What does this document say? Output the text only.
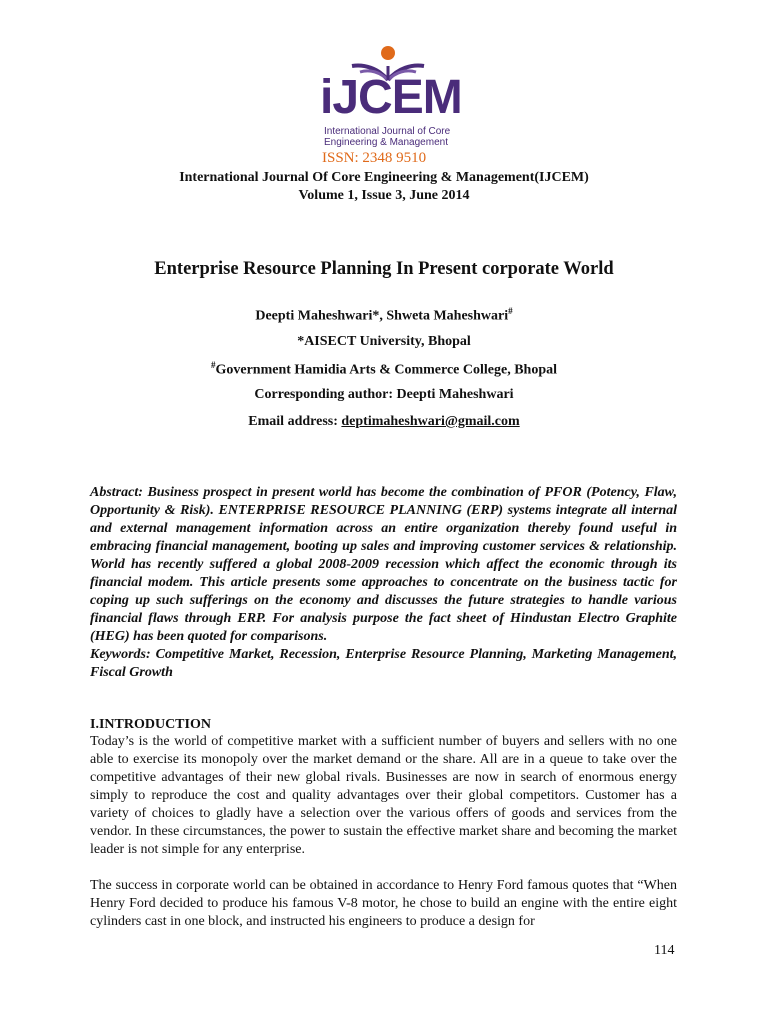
iJCEM
International Journal of Core Engineering & Management
ISSN: 2348 9510
International Journal Of Core Engineering & Management(IJCEM)
Volume 1, Issue 3, June 2014
Enterprise Resource Planning In Present corporate World
Deepti Maheshwari*, Shweta Maheshwari#
*AISECT University, Bhopal
#Government Hamidia Arts & Commerce College, Bhopal
Corresponding author: Deepti Maheshwari
Email address: deptimaheshwari@gmail.com

Abstract: Business prospect in present world has become the combination of PFOR (Potency, Flaw, Opportunity & Risk). ENTERPRISE RESOURCE PLANNING (ERP) systems integrate all internal and external management information across an entire organization thereby found useful in embracing financial management, booting up sales and improving customer services & relationship. World has recently suffered a global 2008-2009 recession which affect the economic through its financial modem. This article presents some approaches to concentrate on the business tactic for coping up such sufferings on the economy and discusses the future strategies to handle various financial flaws through ERP. For analysis purpose the fact sheet of Hindustan Electro Graphite (HEG) has been quoted for comparisons.

Keywords: Competitive Market, Recession, Enterprise Resource Planning, Marketing Management, Fiscal Growth

I.INTRODUCTION

Today’s is the world of competitive market with a sufficient number of buyers and sellers with no one able to exercise its monopoly over the market demand or the share. All are in a queue to take over the competitive advantages of their new global rivals. Businesses are now in search of enormous energy simply to reproduce the cost and quality advantages over their global competitors. Customer has a variety of choices to gladly have a selection over the various offers of goods and services from the vendor. In these circumstances, the power to sustain the effective market share and becoming the market leader is not simple for any enterprise.

The success in corporate world can be obtained in accordance to Henry Ford famous quotes that “When Henry Ford decided to produce his famous V-8 motor, he chose to build an engine with the entire eight cylinders cast in one block, and instructed his engineers to produce a design for

114
